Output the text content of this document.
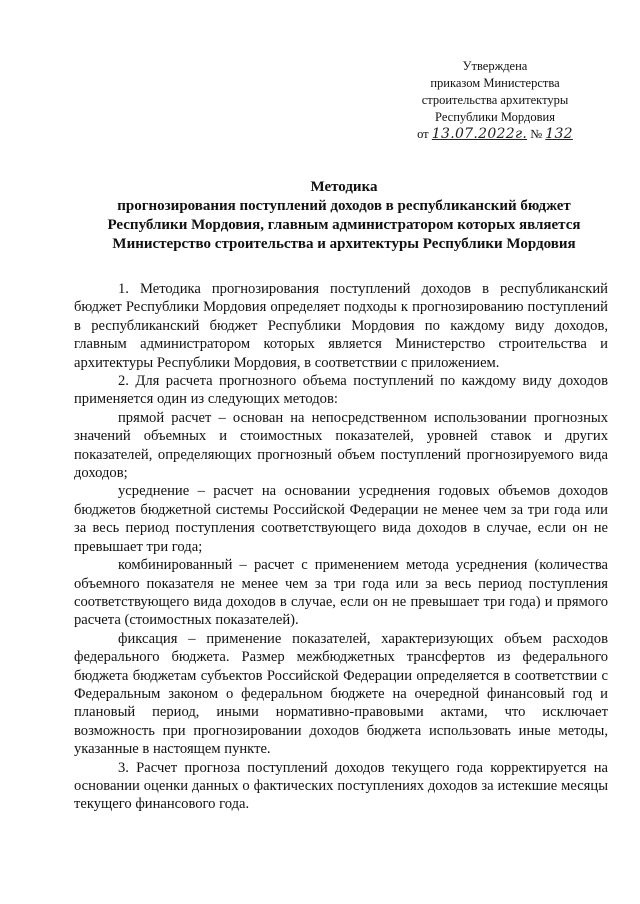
Утверждена
приказом Министерства
строительства архитектуры
Республики Мордовия
от 13.07.2022г. № 132
Методика
прогнозирования поступлений доходов в республиканский бюджет
Республики Мордовия, главным администратором которых является
Министерство строительства и архитектуры Республики Мордовия

1. Методика прогнозирования поступлений доходов в республиканский бюджет Республики Мордовия определяет подходы к прогнозированию поступлений в республиканский бюджет Республики Мордовия по каждому виду доходов, главным администратором которых является Министерство строительства и архитектуры Республики Мордовия, в соответствии с приложением.

2. Для расчета прогнозного объема поступлений по каждому виду доходов применяется один из следующих методов:

прямой расчет – основан на непосредственном использовании прогнозных значений объемных и стоимостных показателей, уровней ставок и других показателей, определяющих прогнозный объем поступлений прогнозируемого вида доходов;

усреднение – расчет на основании усреднения годовых объемов доходов бюджетов бюджетной системы Российской Федерации не менее чем за три года или за весь период поступления соответствующего вида доходов в случае, если он не превышает три года;

комбинированный – расчет с применением метода усреднения (количества объемного показателя не менее чем за три года или за весь период поступления соответствующего вида доходов в случае, если он не превышает три года) и прямого расчета (стоимостных показателей).

фиксация – применение показателей, характеризующих объем расходов федерального бюджета. Размер межбюджетных трансфертов из федерального бюджета бюджетам субъектов Российской Федерации определяется в соответствии с Федеральным законом о федеральном бюджете на очередной финансовый год и плановый период, иными нормативно-правовыми актами, что исключает возможность при прогнозировании доходов бюджета использовать иные методы, указанные в настоящем пункте.

3. Расчет прогноза поступлений доходов текущего года корректируется на основании оценки данных о фактических поступлениях доходов за истекшие месяцы текущего финансового года.
